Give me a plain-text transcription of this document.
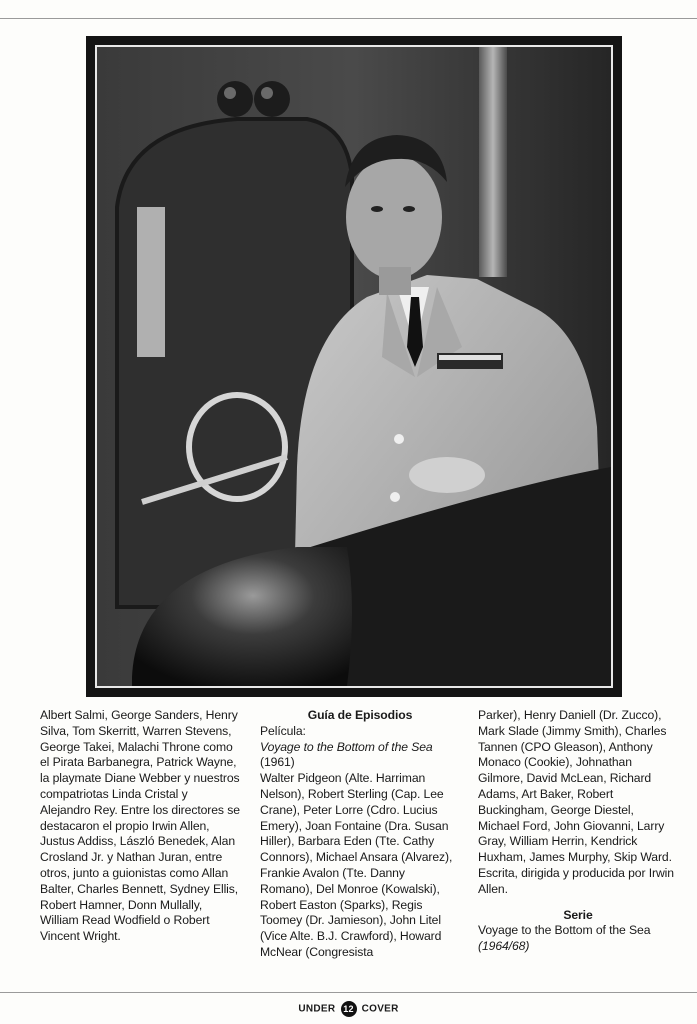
Albert Salmi, George Sanders, Henry Silva, Tom Skerritt, Warren Stevens, George Takei, Malachi Throne como el Pirata Barbanegra, Patrick Wayne, la playmate Diane Webber y nuestros compatriotas Linda Cristal y Alejandro Rey. Entre los directores se destacaron el propio Irwin Allen, Justus Addiss, László Benedek, Alan Crosland Jr. y Nathan Juran, entre otros, junto a guionistas como Allan Balter, Charles Bennett, Sydney Ellis, Robert Hamner, Donn Mullally, William Read Wodfield o Robert Vincent Wright.

Guía de Episodios

Película:

Voyage to the Bottom of the Sea

(1961)

Walter Pidgeon (Alte. Harriman Nelson), Robert Sterling (Cap. Lee Crane), Peter Lorre (Cdro. Lucius Emery), Joan Fontaine (Dra. Susan Hiller), Barbara Eden (Tte. Cathy Connors), Michael Ansara (Alvarez), Frankie Avalon (Tte. Danny Romano), Del Monroe (Kowalski), Robert Easton (Sparks), Regis Toomey (Dr. Jamieson), John Litel (Vice Alte. B.J. Crawford), Howard McNear (Congresista

Parker), Henry Daniell (Dr. Zucco), Mark Slade (Jimmy Smith), Charles Tannen (CPO Gleason), Anthony Monaco (Cookie), Johnathan Gilmore, David McLean, Richard Adams, Art Baker, Robert Buckingham, George Diestel, Michael Ford, John Giovanni, Larry Gray, William Herrin, Kendrick Huxham, James Murphy, Skip Ward.

Escrita, dirigida y producida por Irwin Allen.

Serie

Voyage to the Bottom of the Sea

(1964/68)

UNDER 12 COVER
